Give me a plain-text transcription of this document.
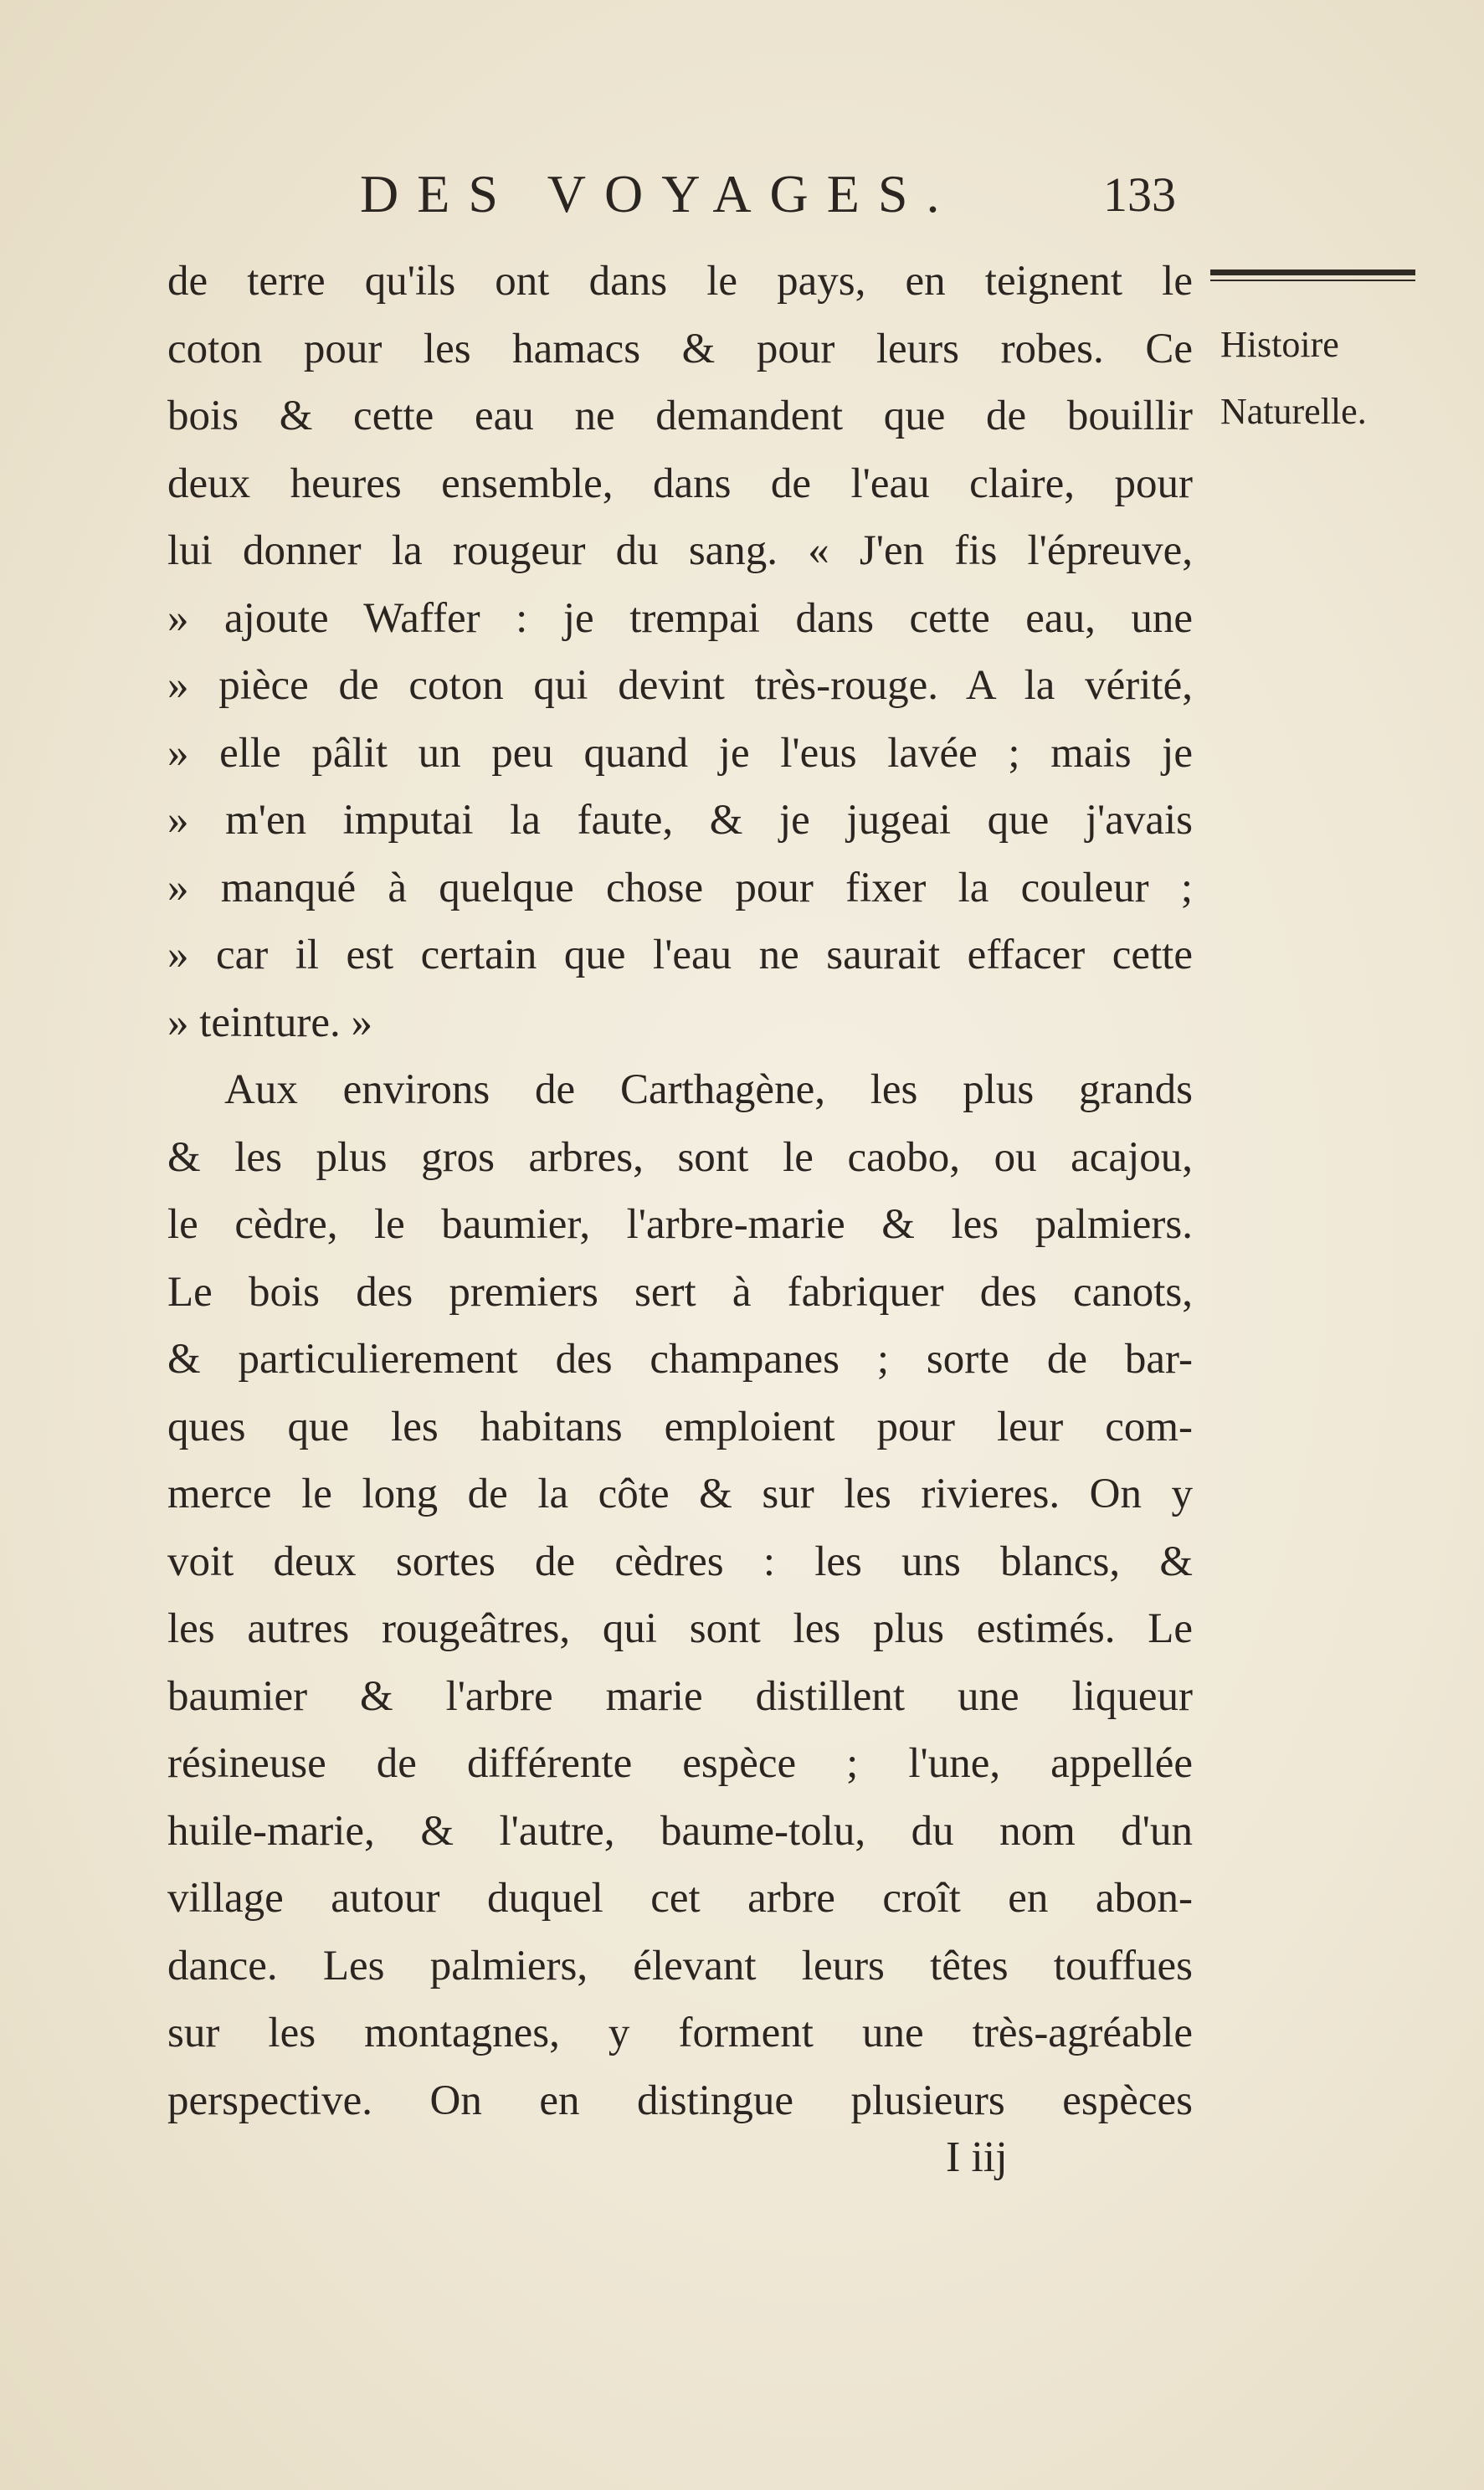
DES VOYAGES.	133
Histoire
Naturelle.
de terre qu'ils ont dans le pays, en teignent le
coton pour les hamacs & pour leurs robes. Ce
bois & cette eau ne demandent que de bouillir
deux heures ensemble, dans de l'eau claire, pour
lui donner la rougeur du sang. « J'en fis l'épreuve,
» ajoute Waffer : je trempai dans cette eau, une
» pièce de coton qui devint très-rouge. A la vérité,
» elle pâlit un peu quand je l'eus lavée ; mais je
» m'en imputai la faute, & je jugeai que j'avais
» manqué à quelque chose pour fixer la couleur ;
» car il est certain que l'eau ne saurait effacer cette
» teinture. »
Aux environs de Carthagène, les plus grands
& les plus gros arbres, sont le caobo, ou acajou,
le cèdre, le baumier, l'arbre-marie & les palmiers.
Le bois des premiers sert à fabriquer des canots,
& particulierement des champanes ; sorte de bar-
ques que les habitans emploient pour leur com-
merce le long de la côte & sur les rivieres. On y
voit deux sortes de cèdres : les uns blancs, &
les autres rougeâtres, qui sont les plus estimés. Le
baumier & l'arbre marie distillent une liqueur
résineuse de différente espèce ; l'une, appellée
huile-marie, & l'autre, baume-tolu, du nom d'un
village autour duquel cet arbre croît en abon-
dance. Les palmiers, élevant leurs têtes touffues
sur les montagnes, y forment une très-agréable
perspective. On en distingue plusieurs espèces
I iij
